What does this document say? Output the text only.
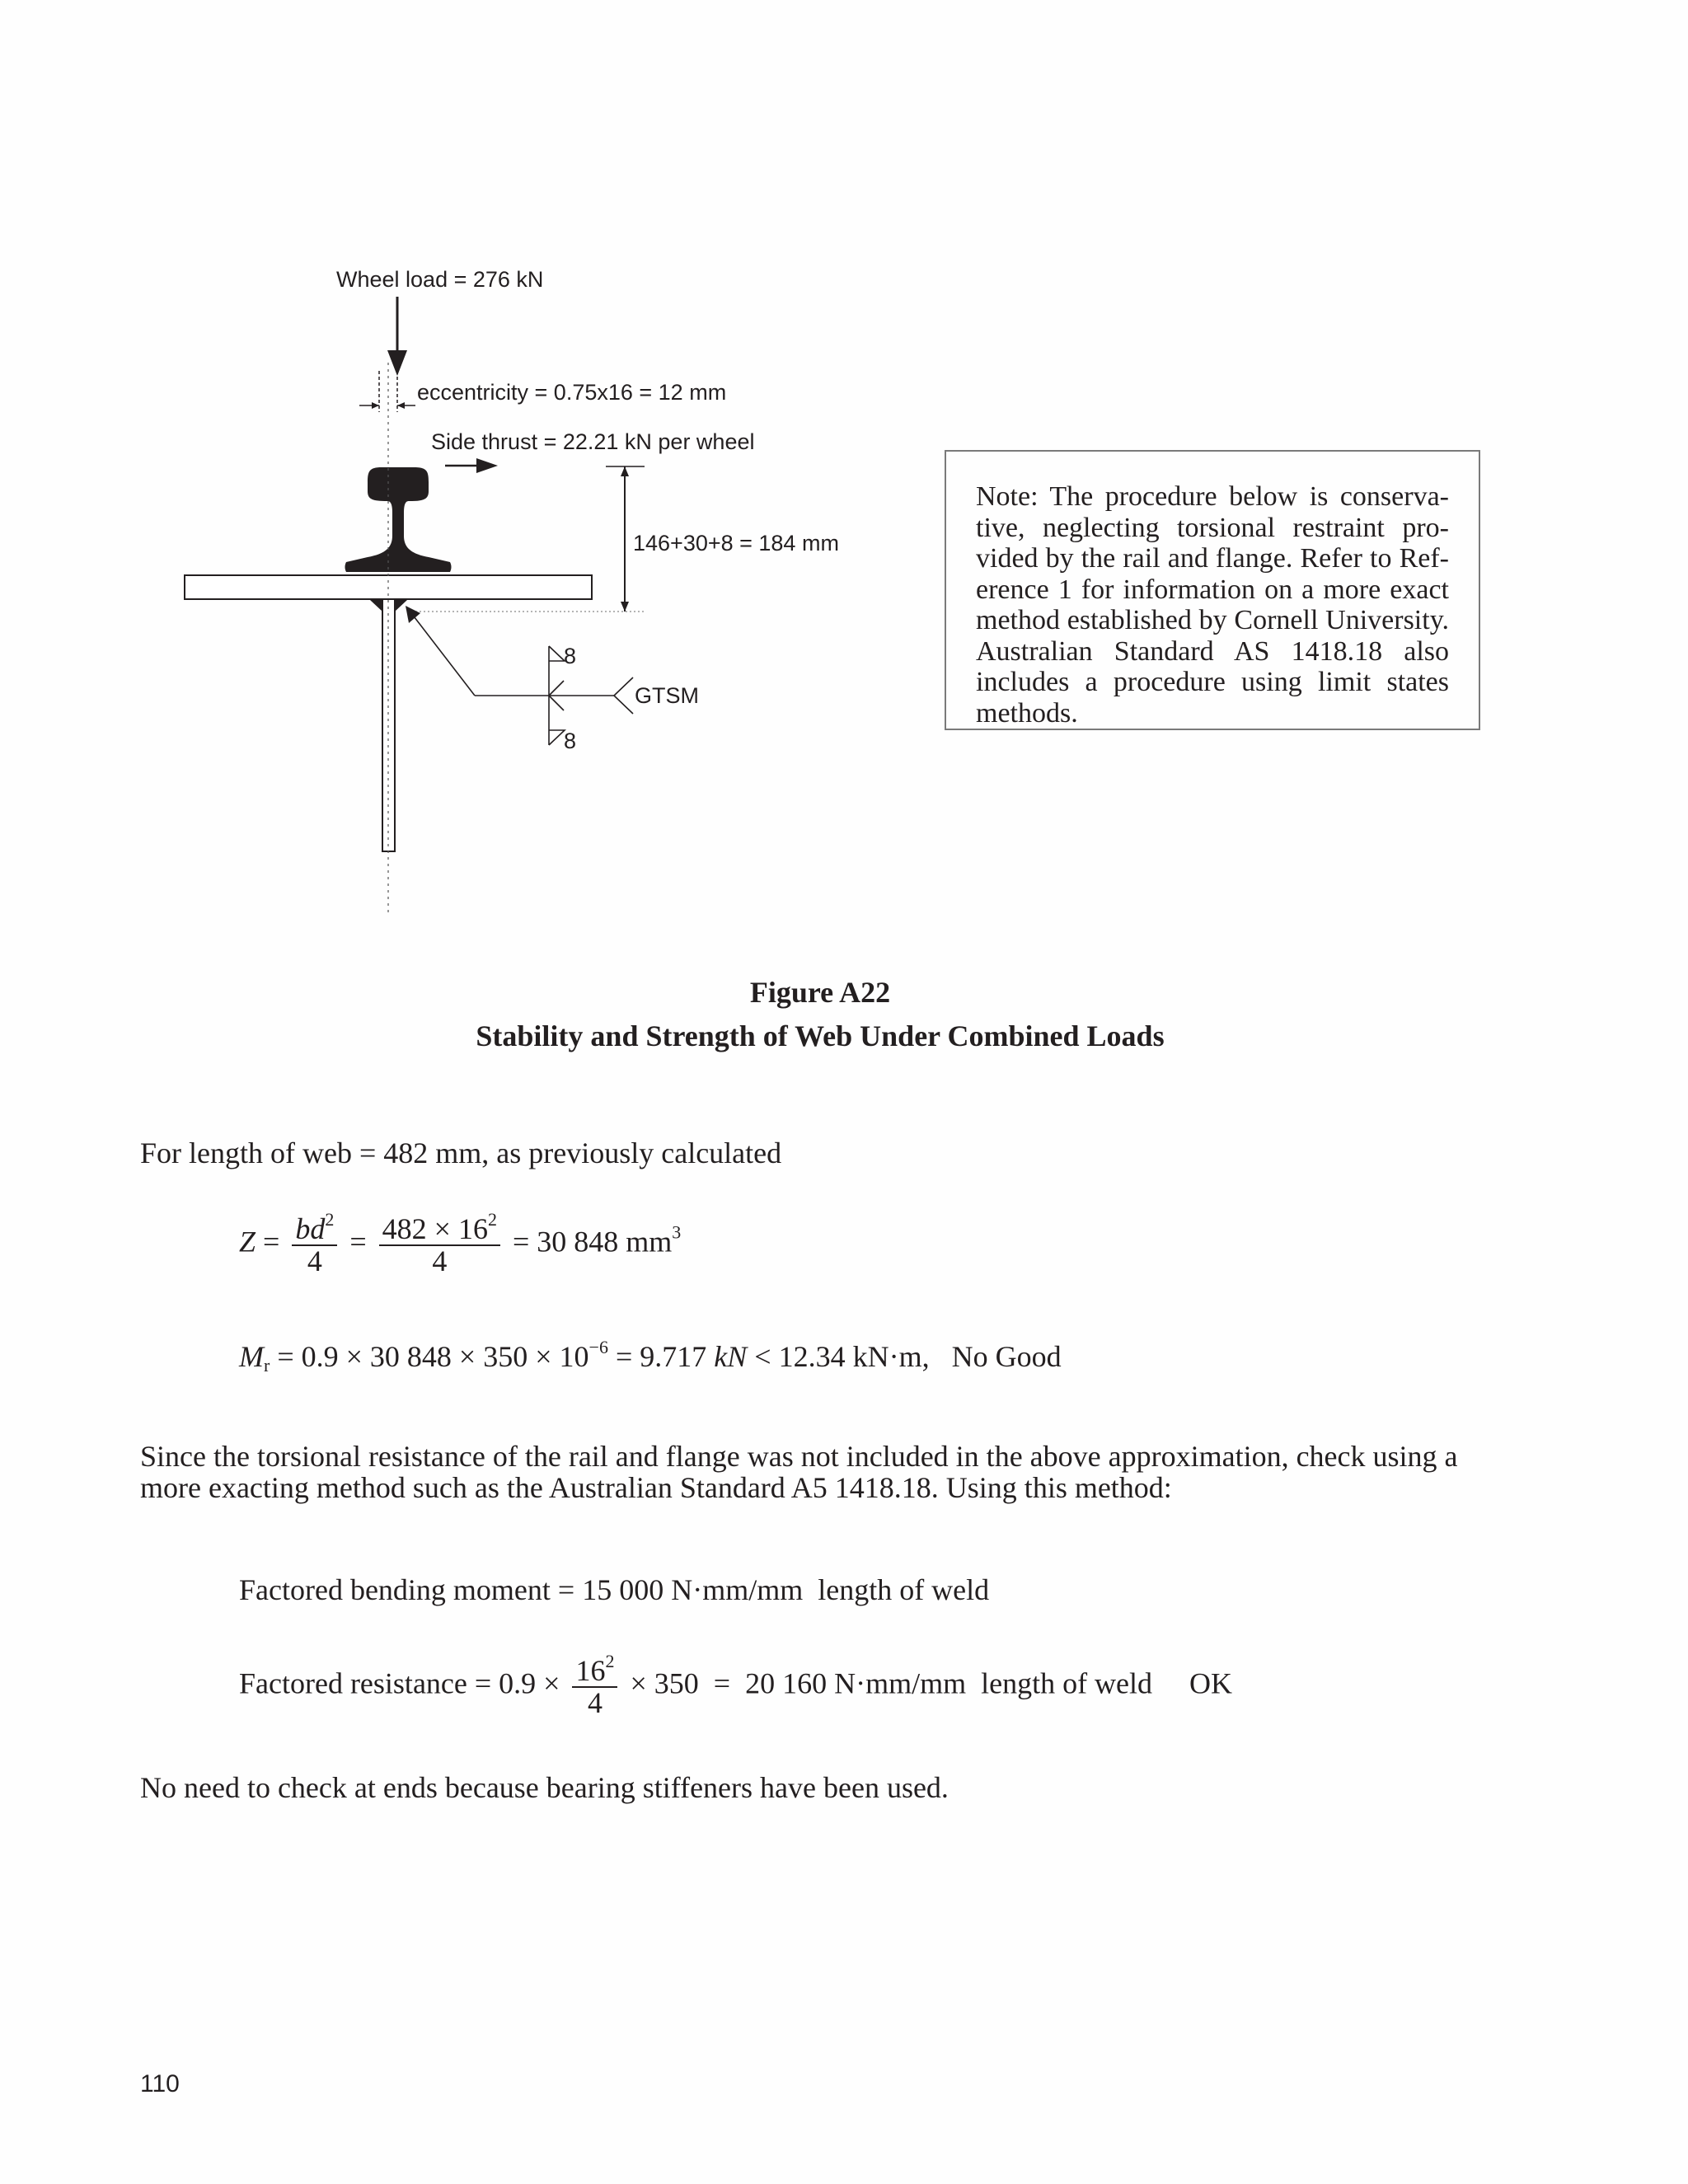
Wheel load = 276 kN
eccentricity = 0.75x16 = 12 mm
Side thrust = 22.21 kN per wheel
146+30+8 = 184 mm
8
8
GTSM
Note: The procedure below is conservative, neglecting torsional restraint provided by the rail and flange. Refer to Reference 1 for information on a more exact method established by Cornell University. Australian Standard AS 1418.18 also includes a procedure using limit states methods.
Figure A22
Stability and Strength of Web Under Combined Loads
For length of web = 482 mm, as previously calculated
$Z = \frac{bd^2}{4} = \frac{482 \times 16^2}{4} = 30$ 848 $mm^3$
$M_r = 0.9 \times 30$ $848 \times 350 \times 10^{-6} = 9.717$ kN < 12.34 kN·m,   No Good
Since the torsional resistance of the rail and flange was not included in the above approximation, check using a more exacting method such as the Australian Standard A5 1418.18. Using this method:
Factored bending moment = 15 000 N·mm/mm  length of weld
Factored resistance = $0.9 \times \frac{16^2}{4} \times 350 = 20$ 160 N·mm/mm  length of weld     OK
No need to check at ends because bearing stiffeners have been used.
110
